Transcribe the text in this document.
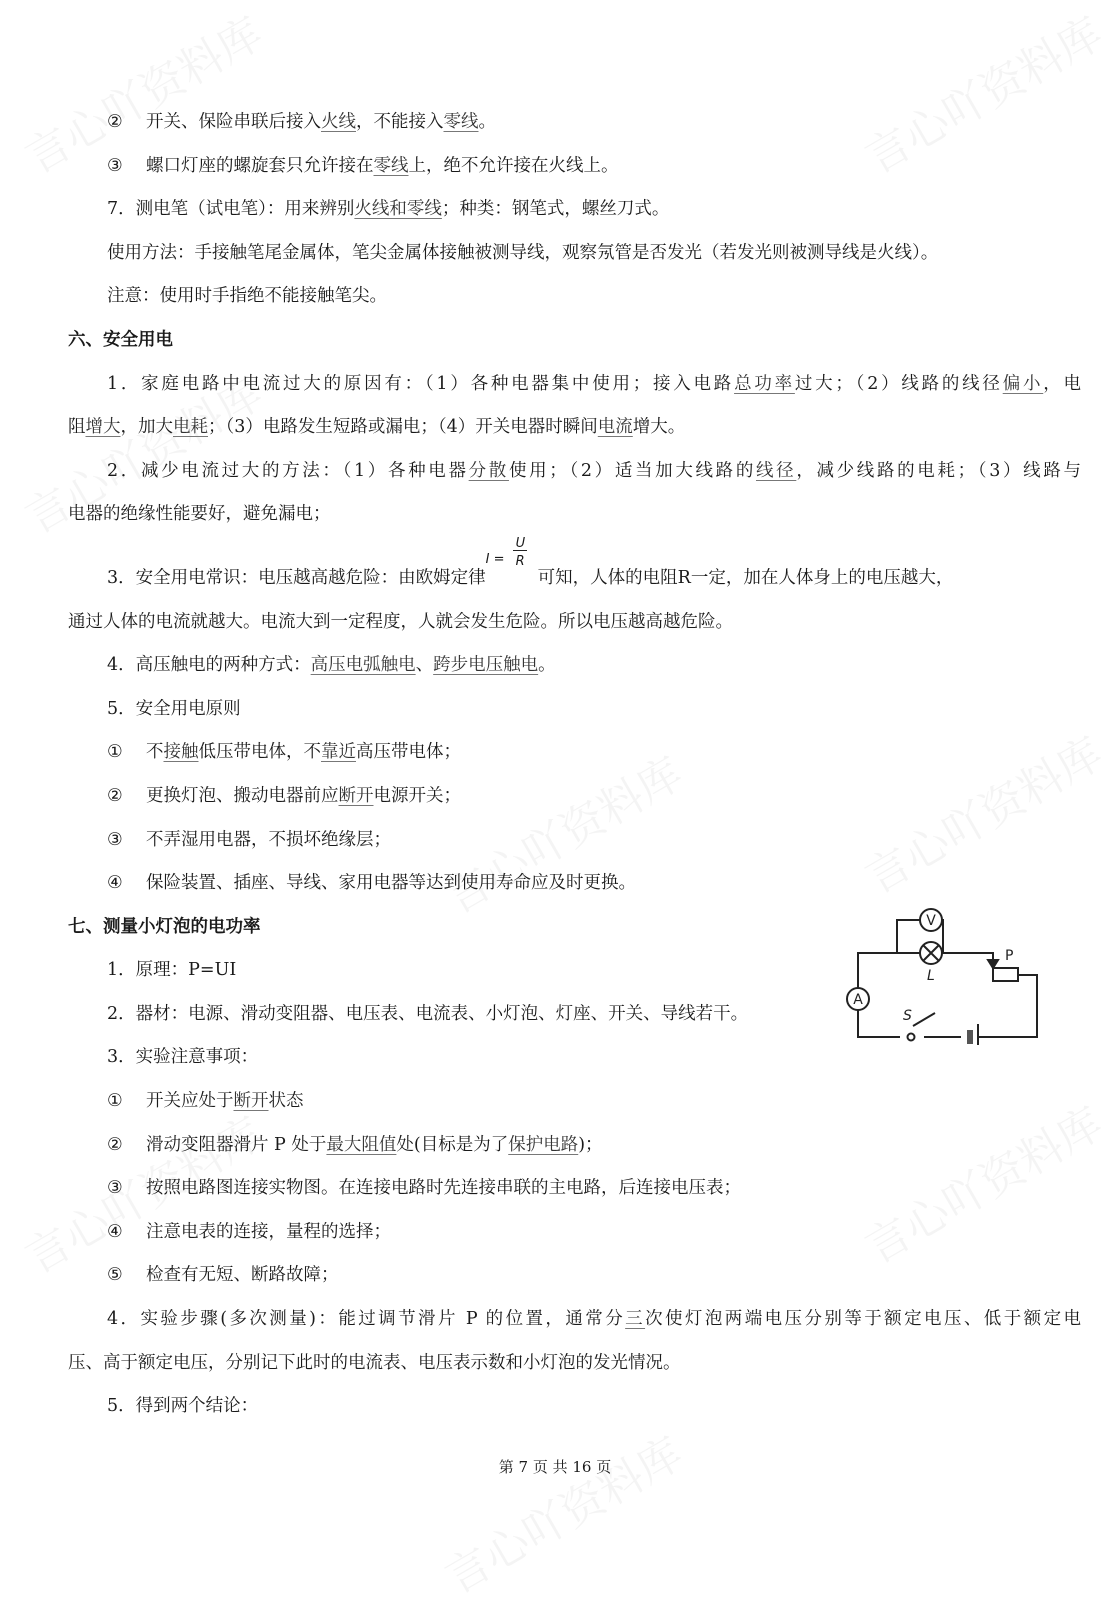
② 开关、保险串联后接入火线，不能接入零线。
③ 螺口灯座的螺旋套只允许接在零线上，绝不允许接在火线上。
7．测电笔（试电笔）：用来辨别火线和零线；种类：钢笔式，螺丝刀式。
使用方法：手接触笔尾金属体，笔尖金属体接触被测导线，观察氖管是否发光（若发光则被测导线是火线）。
注意：使用时手指绝不能接触笔尖。
六、安全用电
1．家庭电路中电流过大的原因有：（1）各种电器集中使用；接入电路总功率过大；（2）线路的线径偏小，电
阻增大，加大电耗；（3）电路发生短路或漏电；（4）开关电器时瞬间电流增大。
2．减少电流过大的方法：（1）各种电器分散使用；（2）适当加大线路的线径，减少线路的电耗；（3）线路与
电器的绝缘性能要好，避免漏电；
3．安全用电常识：电压越高越危险：由欧姆定律
I =
U
R
可知，人体的电阻R一定，加在人体身上的电压越大，
通过人体的电流就越大。电流大到一定程度，人就会发生危险。所以电压越高越危险。
4．高压触电的两种方式：高压电弧触电、跨步电压触电。
5．安全用电原则
① 不接触低压带电体，不靠近高压带电体；
② 更换灯泡、搬动电器前应断开电源开关；
③ 不弄湿用电器，不损坏绝缘层；
④ 保险装置、插座、导线、家用电器等达到使用寿命应及时更换。
七、测量小灯泡的电功率
1．原理：P=UI
2．器材：电源、滑动变阻器、电压表、电流表、小灯泡、灯座、开关、导线若干。
3．实验注意事项：
① 开关应处于断开状态
② 滑动变阻器滑片 P 处于最大阻值处(目标是为了保护电路)；
③ 按照电路图连接实物图。在连接电路时先连接串联的主电路，后连接电压表；
④ 注意电表的连接，量程的选择；
⑤ 检查有无短、断路故障；
4．实验步骤(多次测量)：能过调节滑片 P 的位置，通常分三次使灯泡两端电压分别等于额定电压、低于额定电
压、高于额定电压，分别记下此时的电流表、电压表示数和小灯泡的发光情况。
5．得到两个结论：
V
A
L
P
S
第 7 页 共 16 页
